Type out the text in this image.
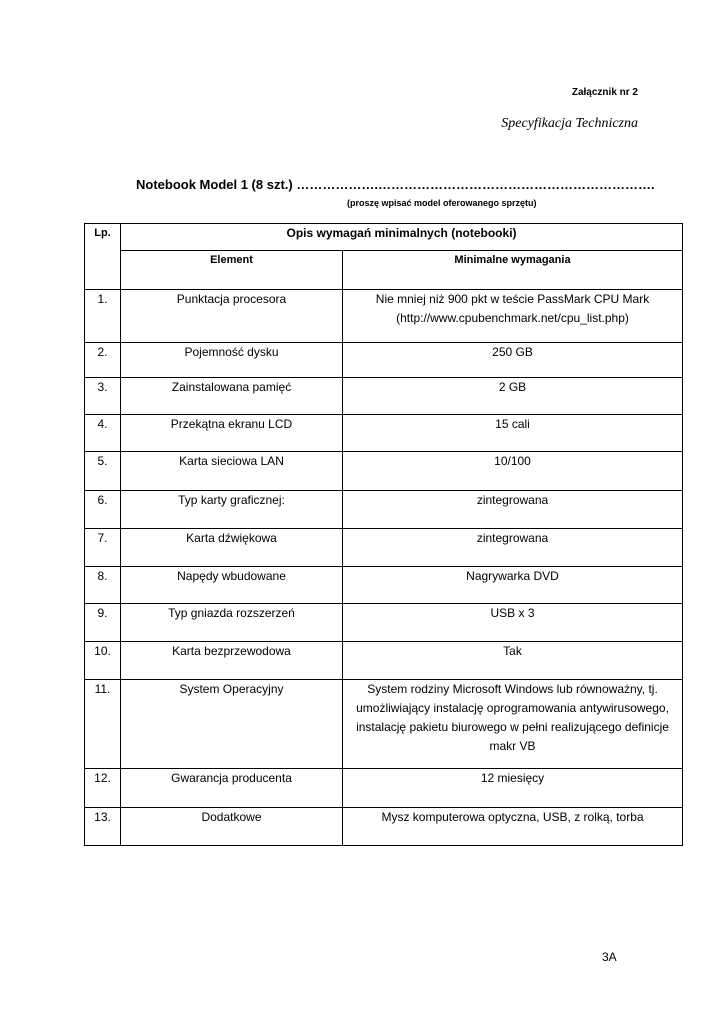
Załącznik nr 2
Specyfikacja Techniczna
Notebook Model 1 (8 szt.) ……………….……………………………………………………….
(proszę wpisać model oferowanego sprzętu)
Lp.	Opis wymagań minimalnych (notebooki)	
	Element	Minimalne wymagania
1.	Punktacja procesora	Nie mniej niż 900 pkt w teście PassMark CPU Mark (http://www.cpubenchmark.net/cpu_list.php)
2.	Pojemność dysku	250 GB
3.	Zainstalowana pamięć	2 GB
4.	Przekątna ekranu LCD	15 cali
5.	Karta sieciowa LAN	10/100
6.	Typ karty graficznej:	zintegrowana
7.	Karta dźwiękowa	zintegrowana
8.	Napędy wbudowane	Nagrywarka DVD
9.	Typ gniazda rozszerzeń	USB x 3
10.	Karta bezprzewodowa	Tak
11.	System Operacyjny	System rodziny Microsoft Windows lub równoważny, tj. umożliwiający instalację oprogramowania antywirusowego, instalację pakietu biurowego w pełni realizującego definicje makr VB
12.	Gwarancja producenta	12 miesięcy
13.	Dodatkowe	Mysz komputerowa optyczna, USB, z rolką, torba
3A
